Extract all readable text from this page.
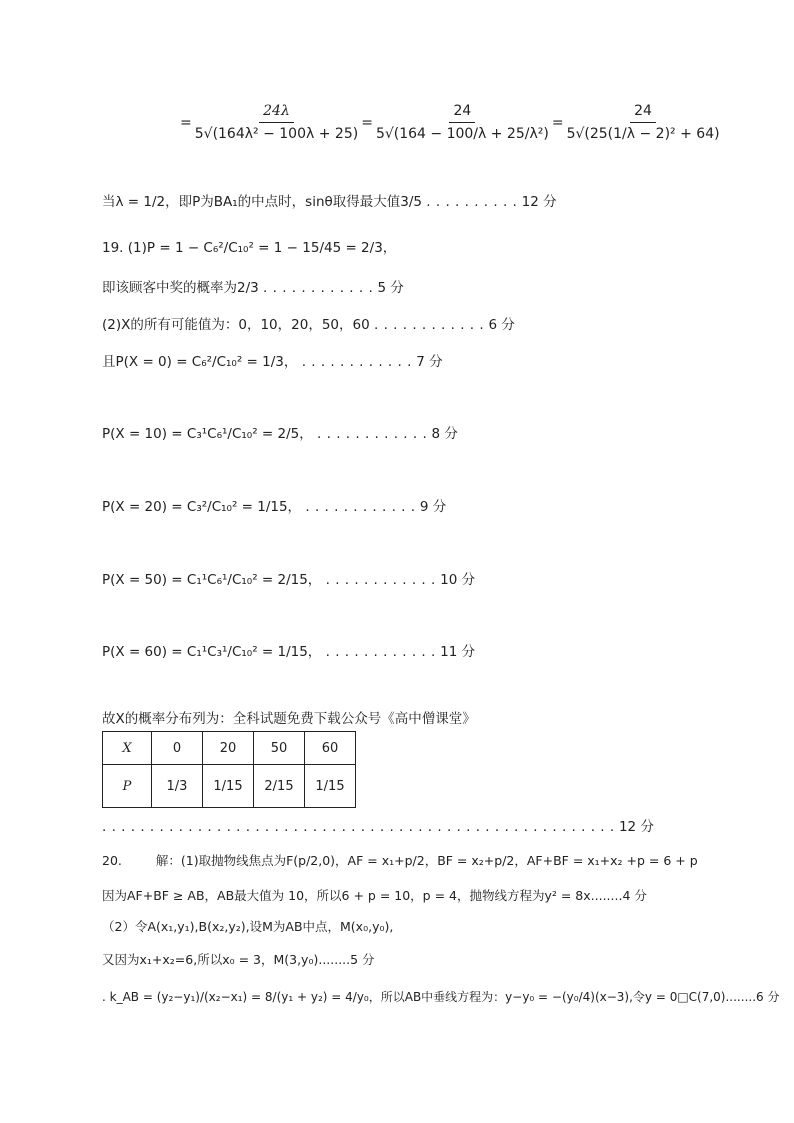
= $\frac{24\lambda}{\text{5√(164λ² − 100λ + 25)}} = \frac{24}{\text{5√(164 − 100/λ + 25/λ²)}} = \frac{24}{\text{5√(25(1/λ − 2)² + 64)}}$
当λ = 1/2，即P为BA₁的中点时，sinθ取得最大值3/5 . . . . . . . . . . 12 分
19. (1)P = 1 − C₆²/C₁₀² = 1 − 15/45 = 2/3，
即该顾客中奖的概率为2/3 . . . . . . . . . . . . 5 分
(2)X的所有可能值为：0，10，20，50，60 . . . . . . . . . . . . 6 分
且P(X = 0) = C₆²/C₁₀² = 1/3， . . . . . . . . . . . . 7 分
P(X = 10) = C₃¹C₆¹/C₁₀² = 2/5， . . . . . . . . . . . . 8 分
P(X = 20) = C₃²/C₁₀² = 1/15， . . . . . . . . . . . . 9 分
P(X = 50) = C₁¹C₆¹/C₁₀² = 2/15， . . . . . . . . . . . . 10 分
P(X = 60) = C₁¹C₃¹/C₁₀² = 1/15， . . . . . . . . . . . . 11 分
故X的概率分布列为：全科试题免费下载公众号《高中僧课堂》
X	0	20	50	60
P	1/3	1/15	2/15	1/15
. . . . . . . . . . . . . . . . . . . . . . . . . . . . . . . . . . . . . . . . . . . . . . . . . . . . . . 12 分
20.	解：(1)取抛物线焦点为F(p/2,0)，AF = x₁+p/2，BF = x₂+p/2，AF+BF = x₁+x₂ +p = 6 + p
因为AF+BF ≥ AB，AB最大值为 10，所以6 + p = 10，p = 4，抛物线方程为y² = 8x........4 分
（2）令A(x₁,y₁),B(x₂,y₂),设M为AB中点，M(x₀,y₀),
又因为x₁+x₂=6,所以x₀ = 3，M(3,y₀)........5 分
. k_AB = (y₂−y₁)/(x₂−x₁) = 8/(y₁ + y₂) = 4/y₀，所以AB中垂线方程为：y−y₀ = −(y₀/4)(x−3),令y = 0□C(7,0)........6 分
